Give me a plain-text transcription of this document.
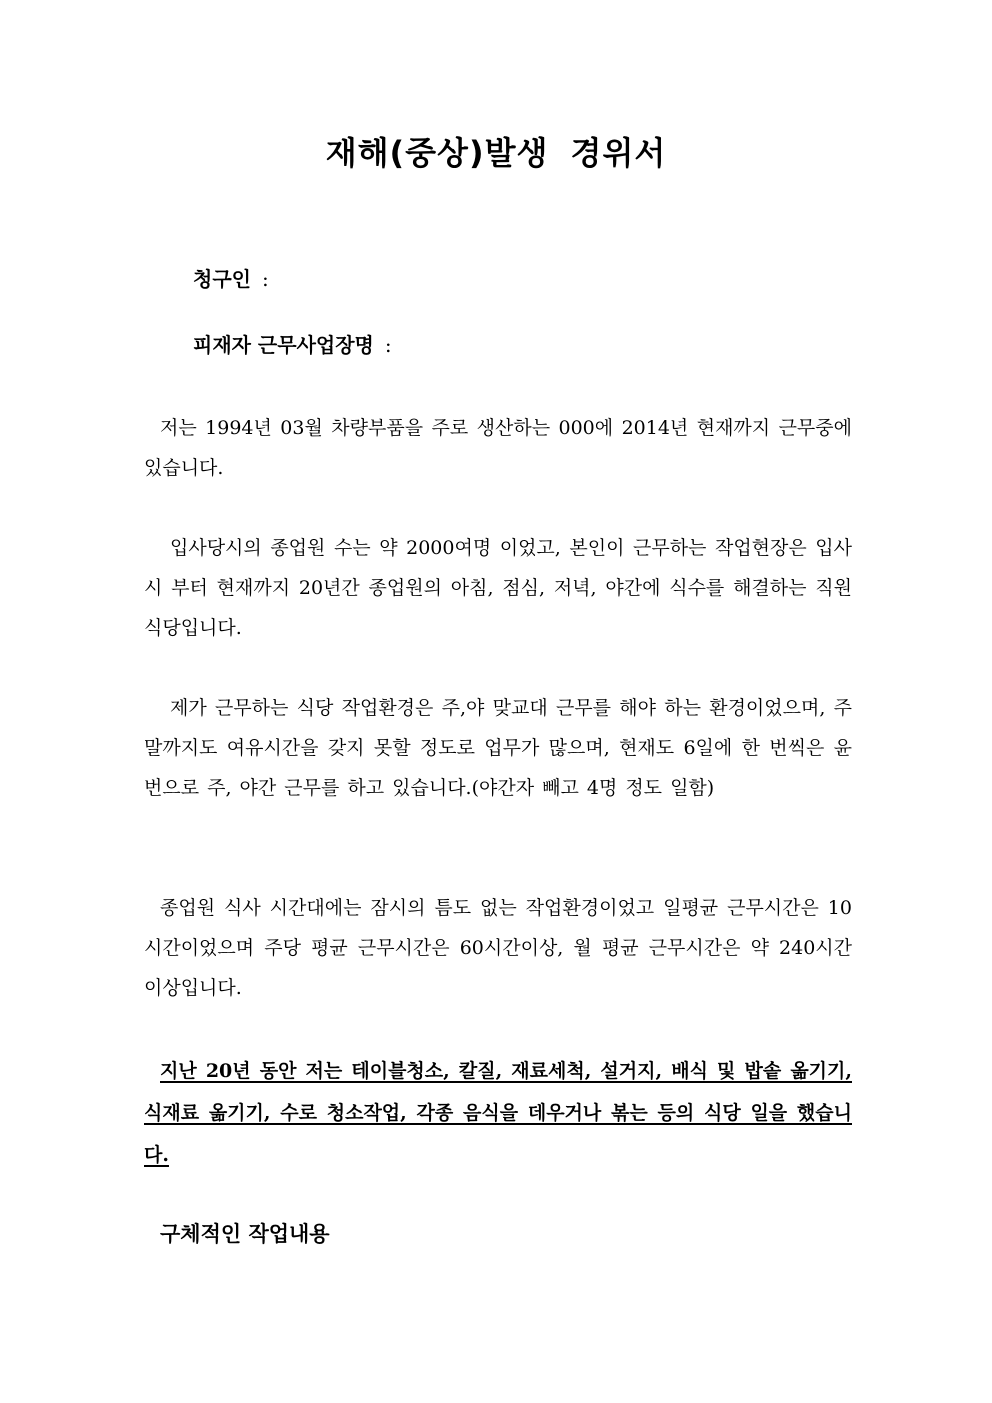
재해(중상)발생 경위서

청구인 :

피재자 근무사업장명 :

저는 1994년 03월 차량부품을 주로 생산하는 000에 2014년 현재까지 근무중에 있습니다.

입사당시의 종업원 수는 약 2000여명 이었고, 본인이 근무하는 작업현장은 입사 시 부터 현재까지 20년간 종업원의 아침, 점심, 저녁, 야간에 식수를 해결하는 직원식당입니다.

제가 근무하는 식당 작업환경은 주,야 맞교대 근무를 해야 하는 환경이었으며, 주말까지도 여유시간을 갖지 못할 정도로 업무가 많으며, 현재도 6일에 한 번씩은 윤번으로 주, 야간 근무를 하고 있습니다.(야간자 빼고 4명 정도 일함)

종업원 식사 시간대에는 잠시의 틈도 없는 작업환경이었고 일평균 근무시간은 10시간이었으며 주당 평균 근무시간은 60시간이상, 월 평균 근무시간은 약 240시간 이상입니다.

지난 20년 동안 저는 테이블청소, 칼질, 재료세척, 설거지, 배식 및 밥솥 옮기기, 식재료 옮기기, 수로 청소작업, 각종 음식을 데우거나 볶는 등의 식당 일을 했습니다.

구체적인 작업내용
